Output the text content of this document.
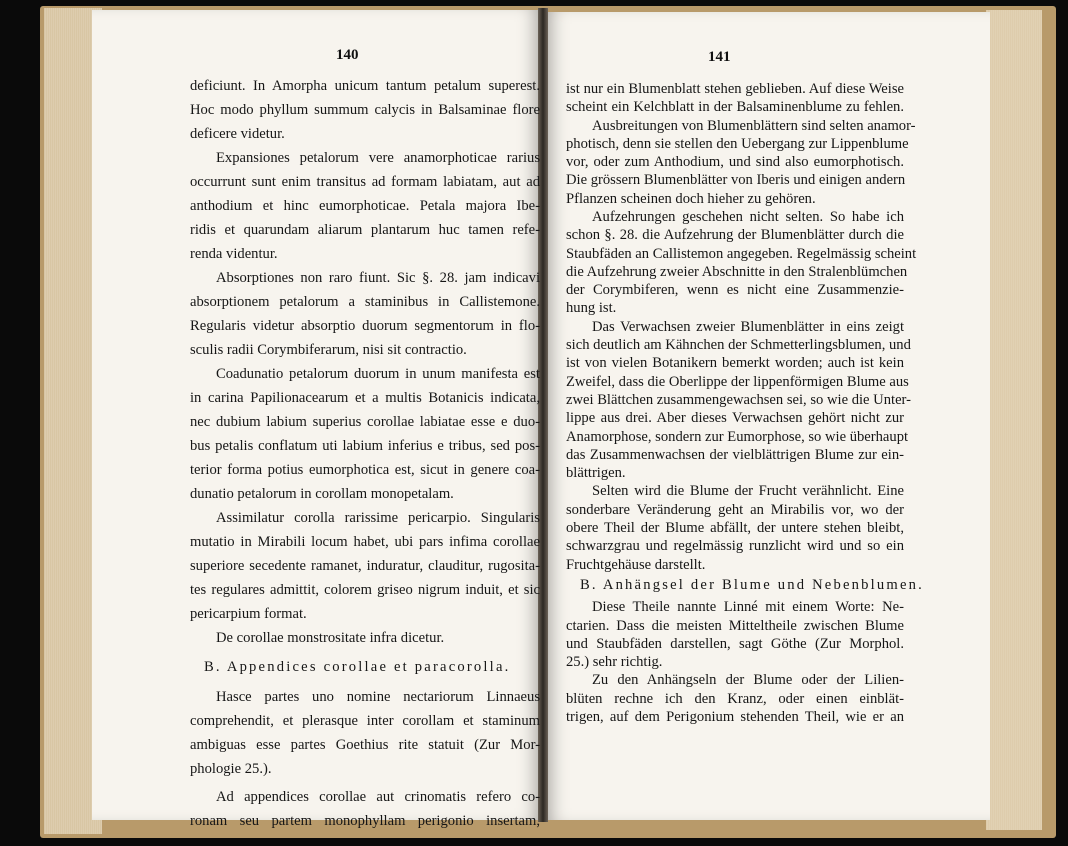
140	141
deficiunt. In Amorpha unicum tantum petalum superest.
Hoc modo phyllum summum calycis in Balsaminae flore
deficere videtur.
Expansiones petalorum vere anamorphoticae rarius
occurrunt sunt enim transitus ad formam labiatam, aut ad
anthodium et hinc eumorphoticae. Petala majora Ibe-
ridis et quarundam aliarum plantarum huc tamen refe-
renda videntur.
Absorptiones non raro fiunt. Sic §. 28. jam indicavi
absorptionem petalorum a staminibus in Callistemone.
Regularis videtur absorptio duorum segmentorum in flo-
sculis radii Corymbiferarum, nisi sit contractio.
Coadunatio petalorum duorum in unum manifesta est
in carina Papilionacearum et a multis Botanicis indicata,
nec dubium labium superius corollae labiatae esse e duo-
bus petalis conflatum uti labium inferius e tribus, sed pos-
terior forma potius eumorphotica est, sicut in genere coa-
dunatio petalorum in corollam monopetalam.
Assimilatur corolla rarissime pericarpio. Singularis
mutatio in Mirabili locum habet, ubi pars infima corollae
superiore secedente ramanet, induratur, clauditur, rugosita-
tes regulares admittit, colorem griseo nigrum induit, et sic
pericarpium format.
De corollae monstrositate infra dicetur.
B. Appendices corollae et paracorolla.
Hasce partes uno nomine nectariorum Linnaeus
comprehendit, et plerasque inter corollam et staminum
ambiguas esse partes Goethius rite statuit (Zur Mor-
phologie 25.).
Ad appendices corollae aut crinomatis refero co-
ronam seu partem monophyllam perigonio insertam,
ist nur ein Blumenblatt stehen geblieben. Auf diese Weise
scheint ein Kelchblatt in der Balsaminenblume zu fehlen.
Ausbreitungen von Blumenblättern sind selten anamor-
photisch, denn sie stellen den Uebergang zur Lippenblume
vor, oder zum Anthodium, und sind also eumorphotisch.
Die grössern Blumenblätter von Iberis und einigen andern
Pflanzen scheinen doch hieher zu gehören.
Aufzehrungen geschehen nicht selten. So habe ich
schon §. 28. die Aufzehrung der Blumenblätter durch die
Staubfäden an Callistemon angegeben. Regelmässig scheint
die Aufzehrung zweier Abschnitte in den Stralenblümchen
der Corymbiferen, wenn es nicht eine Zusammenzie-
hung ist.
Das Verwachsen zweier Blumenblätter in eins zeigt
sich deutlich am Kähnchen der Schmetterlingsblumen, und
ist von vielen Botanikern bemerkt worden; auch ist kein
Zweifel, dass die Oberlippe der lippenförmigen Blume aus
zwei Blättchen zusammengewachsen sei, so wie die Unter-
lippe aus drei. Aber dieses Verwachsen gehört nicht zur
Anamorphose, sondern zur Eumorphose, so wie überhaupt
das Zusammenwachsen der vielblättrigen Blume zur ein-
blättrigen.
Selten wird die Blume der Frucht verähnlicht. Eine
sonderbare Veränderung geht an Mirabilis vor, wo der
obere Theil der Blume abfällt, der untere stehen bleibt,
schwarzgrau und regelmässig runzlicht wird und so ein
Fruchtgehäuse darstellt.
B. Anhängsel der Blume und Nebenblumen.
Diese Theile nannte Linné mit einem Worte: Ne-
ctarien. Dass die meisten Mitteltheile zwischen Blume
und Staubfäden darstellen, sagt Göthe (Zur Morphol.
25.) sehr richtig.
Zu den Anhängseln der Blume oder der Lilien-
blüten rechne ich den Kranz, oder einen einblät-
trigen, auf dem Perigonium stehenden Theil, wie er an
